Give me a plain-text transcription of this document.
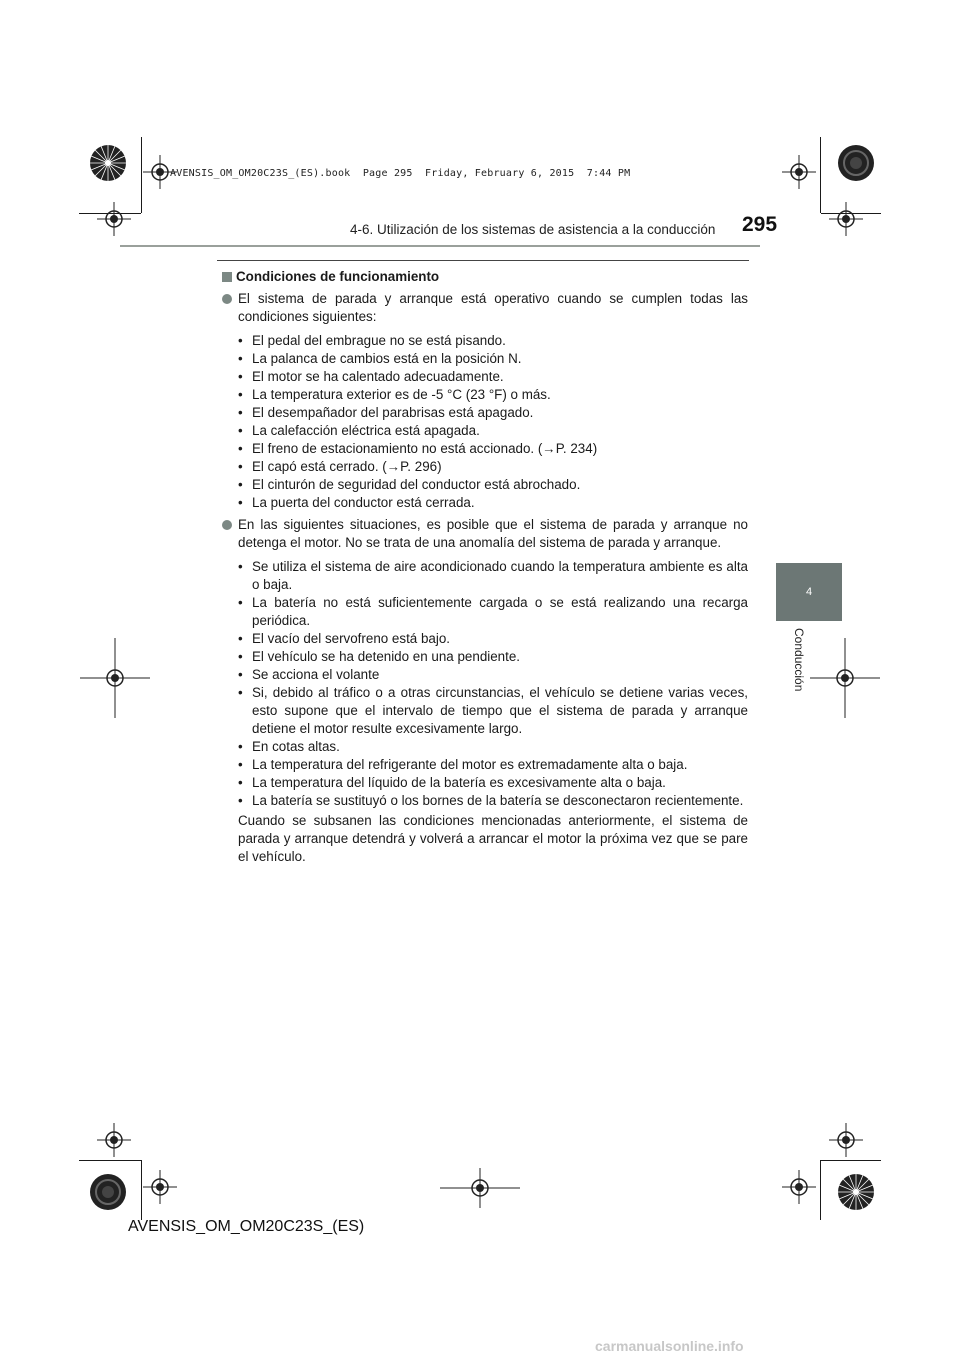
AVENSIS_OM_OM20C23S_(ES).book  Page 295  Friday, February 6, 2015  7:44 PM
4-6. Utilización de los sistemas de asistencia a la conducción 295
4
Conducción
Condiciones de funcionamiento
El sistema de parada y arranque está operativo cuando se cumplen todas las condiciones siguientes:
• El pedal del embrague no se está pisando.
• La palanca de cambios está en la posición N.
• El motor se ha calentado adecuadamente.
• La temperatura exterior es de -5 °C (23 °F) o más.
• El desempañador del parabrisas está apagado.
• La calefacción eléctrica está apagada.
• El freno de estacionamiento no está accionado. (→P. 234)
• El capó está cerrado. (→P. 296)
• El cinturón de seguridad del conductor está abrochado.
• La puerta del conductor está cerrada.
En las siguientes situaciones, es posible que el sistema de parada y arranque no detenga el motor. No se trata de una anomalía del sistema de parada y arranque.
• Se utiliza el sistema de aire acondicionado cuando la temperatura ambiente es alta o baja.
• La batería no está suficientemente cargada o se está realizando una recarga periódica.
• El vacío del servofreno está bajo.
• El vehículo se ha detenido en una pendiente.
• Se acciona el volante
• Si, debido al tráfico o a otras circunstancias, el vehículo se detiene varias veces, esto supone que el intervalo de tiempo que el sistema de parada y arranque detiene el motor resulte excesivamente largo.
• En cotas altas.
• La temperatura del refrigerante del motor es extremadamente alta o baja.
• La temperatura del líquido de la batería es excesivamente alta o baja.
• La batería se sustituyó o los bornes de la batería se desconectaron recientemente.

Cuando se subsanen las condiciones mencionadas anteriormente, el sistema de parada y arranque detendrá y volverá a arrancar el motor la próxima vez que se pare el vehículo.

AVENSIS_OM_OM20C23S_(ES)
carmanualsonline.info
